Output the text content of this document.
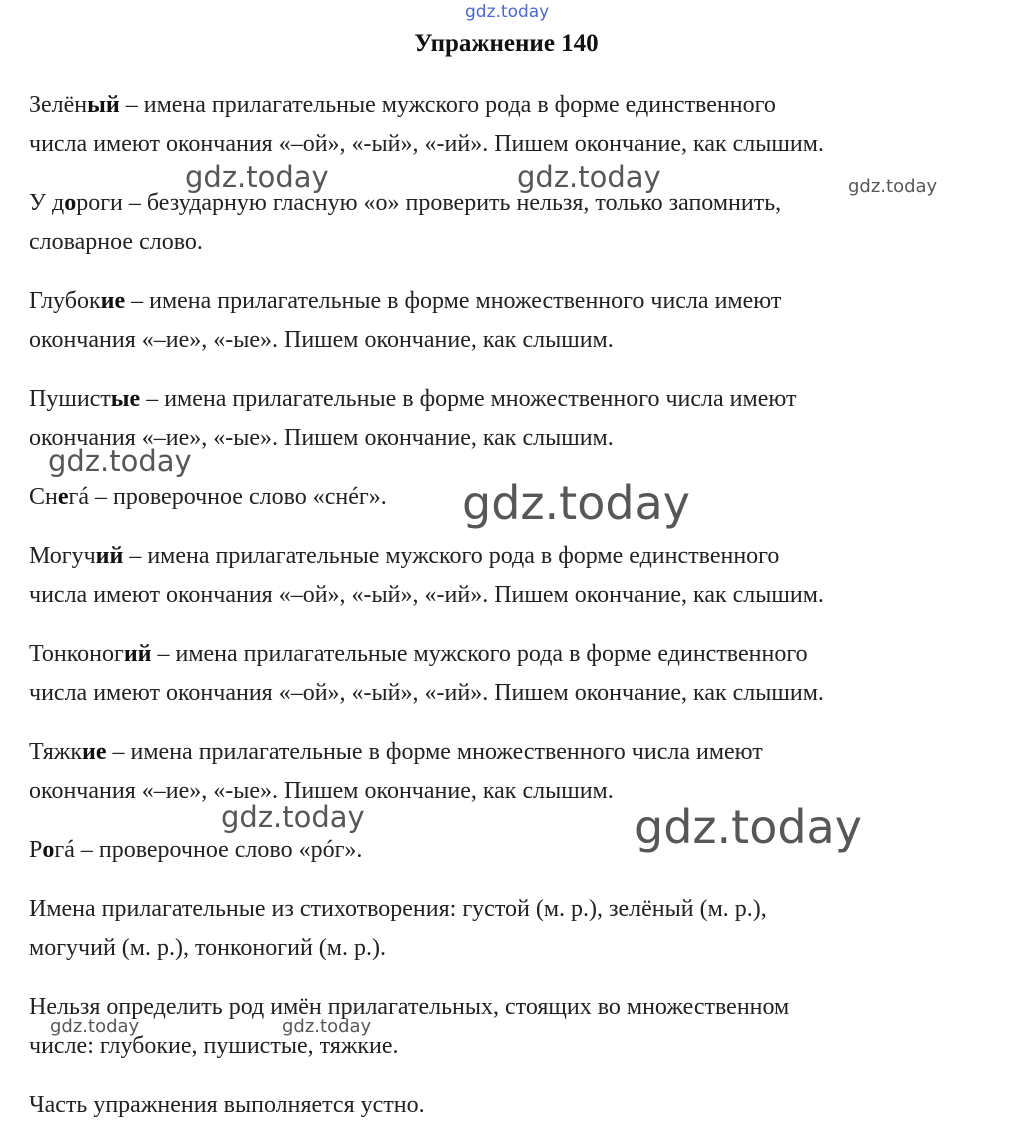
gdz.today
Упражнение 140
Зелёный – имена прилагательные мужского рода в форме единственного
числа имеют окончания «–ой», «-ый», «-ий». Пишем окончание, как слышим.
У дороги – безударную гласную «о» проверить нельзя, только запомнить,
словарное слово.
Глубокие – имена прилагательные в форме множественного числа имеют
окончания «–ие», «-ые». Пишем окончание, как слышим.
Пушистые – имена прилагательные в форме множественного числа имеют
окончания «–ие», «-ые». Пишем окончание, как слышим.
Снегá – проверочное слово «снéг».
Могучий – имена прилагательные мужского рода в форме единственного
числа имеют окончания «–ой», «-ый», «-ий». Пишем окончание, как слышим.
Тонконогий – имена прилагательные мужского рода в форме единственного
числа имеют окончания «–ой», «-ый», «-ий». Пишем окончание, как слышим.
Тяжкие – имена прилагательные в форме множественного числа имеют
окончания «–ие», «-ые». Пишем окончание, как слышим.
Рогá – проверочное слово «рóг».
Имена прилагательные из стихотворения: густой (м. р.), зелёный (м. р.),
могучий (м. р.), тонконогий (м. р.).
Нельзя определить род имён прилагательных, стоящих во множественном
числе: глубокие, пушистые, тяжкие.
Часть упражнения выполняется устно.
gdz.today	gdz.today	gdz.today
gdz.today
gdz.today
gdz.today	gdz.today
gdz.today	gdz.today
